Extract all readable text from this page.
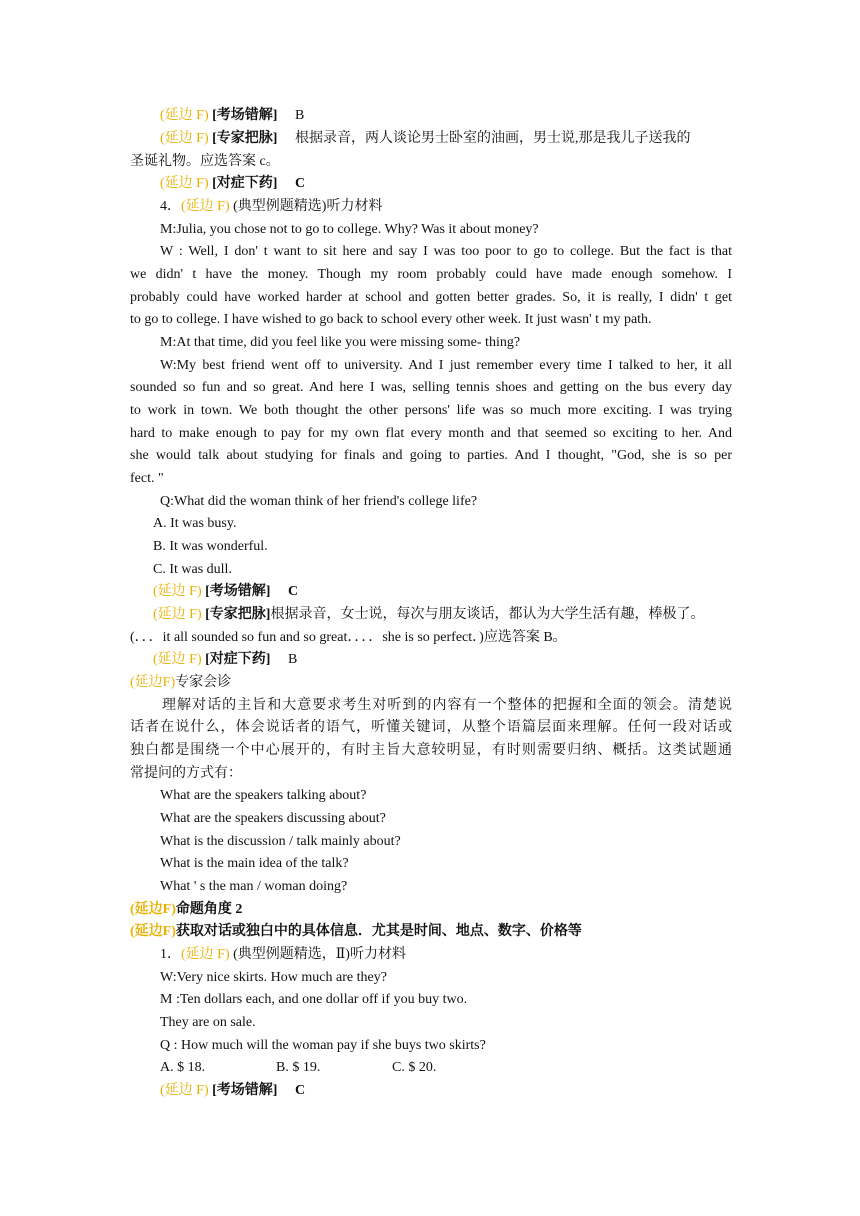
(延边 F) [考场错解] B
(延边 F) [专家把脉] 根据录音，两人谈论男士卧室的油画，男士说,那是我儿子送我的
圣诞礼物。应选答案 c。
(延边 F) [对症下药] C
4．(延边 F) (典型例题精选)听力材料
M:Julia, you chose not to go to college. Why? Was it about money?
W : Well, I don' t want to sit here and say I was too poor to go to college. But the fact is that
we didn' t have the money. Though my room probably could have made enough somehow. I
probably could have worked harder at school and gotten better grades. So, it is really, I didn' t get
to go to college. I have wished to go back to school every other week. It just wasn' t my path.
M:At that time, did you feel like you were missing some- thing?
W:My best friend went off to university. And I just remember every time I talked to her, it all
sounded so fun and so great. And here I was, selling tennis shoes and getting on the bus every day
to work in town. We both thought the other persons' life was so much more exciting. I was trying
hard to make enough to pay for my own flat every month and that seemed so exciting to her. And
she would talk about studying for finals and going to parties. And I thought, "God, she is so per
fect. "
Q:What did the woman think of her friend's college life?
A. It was busy.
B. It was wonderful.
C. It was dull.
(延边 F) [考场错解] C
(延边 F) [专家把脉]根据录音，女士说，每次与朋友谈话，都认为大学生活有趣，棒极了。
(．．．it all sounded so fun and so great．．．．she is so perfect．)应选答案 B。
(延边 F) [对症下药] B
(延边F)专家会诊
理解对话的主旨和大意要求考生对听到的内容有一个整体的把握和全面的领会。清楚说
话者在说什么，体会说话者的语气，听懂关键词，从整个语篇层面来理解。任何一段对话或
独白都是围绕一个中心展开的，有时主旨大意较明显，有时则需要归纳、概括。这类试题通
常提问的方式有：
What are the speakers talking about?
What are the speakers discussing about?
What is the discussion / talk mainly about?
What is the main idea of the talk?
What ' s the man / woman doing?
(延边F)命题角度 2
(延边F)获取对话或独白中的具体信息．尤其是时间、地点、数字、价格等
1．(延边 F) (典型例题精选，Ⅱ)听力材料
W:Very nice skirts. How much are they?
M :Ten dollars each, and one dollar off if you buy two.
They are on sale.
Q : How much will the woman pay if she buys two skirts?
A. $ 18.	B. $ 19.	C. $ 20.
(延边 F) [考场错解] C
